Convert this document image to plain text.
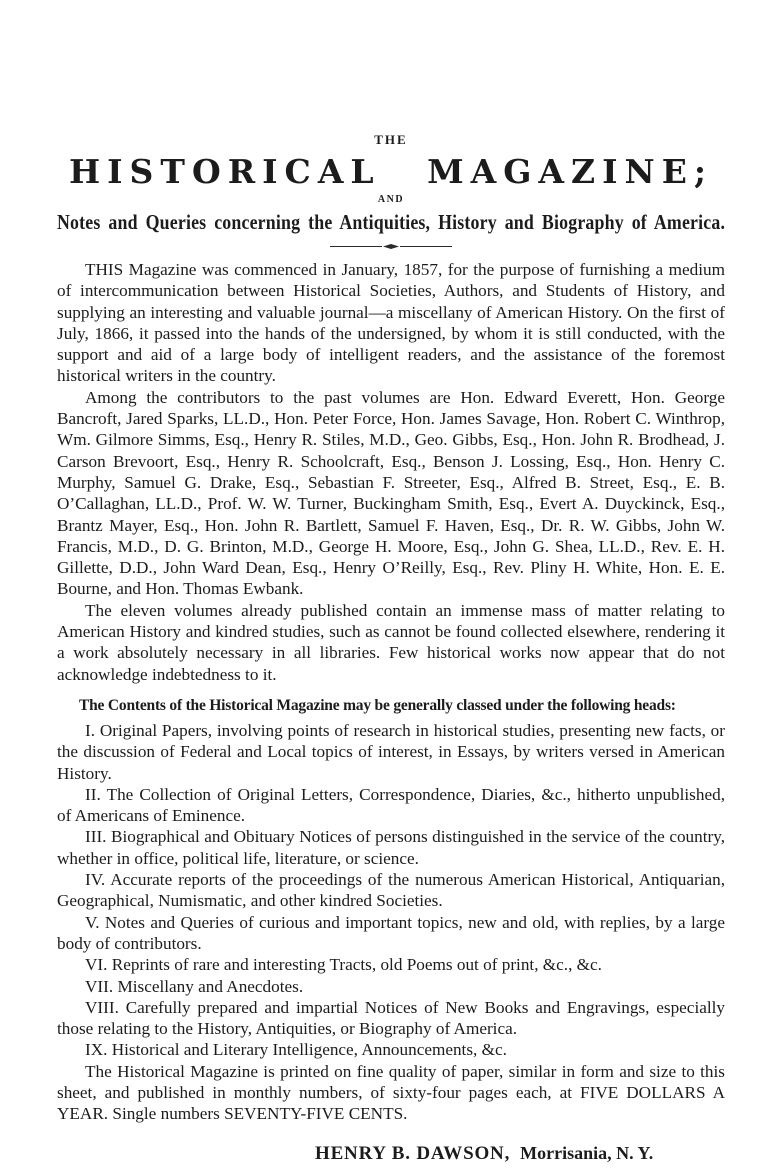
THE
HISTORICAL MAGAZINE;
AND
Notes and Queries concerning the Antiquities, History and Biography of America.

THIS Magazine was commenced in January, 1857, for the purpose of furnishing a medium of intercommunication between Historical Societies, Authors, and Students of History, and supplying an interesting and valuable journal—a miscellany of American History. On the first of July, 1866, it passed into the hands of the undersigned, by whom it is still conducted, with the support and aid of a large body of intelligent readers, and the assistance of the foremost historical writers in the country.

Among the contributors to the past volumes are Hon. Edward Everett, Hon. George Bancroft, Jared Sparks, LL.D., Hon. Peter Force, Hon. James Savage, Hon. Robert C. Winthrop, Wm. Gilmore Simms, Esq., Henry R. Stiles, M.D., Geo. Gibbs, Esq., Hon. John R. Brodhead, J. Carson Brevoort, Esq., Henry R. Schoolcraft, Esq., Benson J. Lossing, Esq., Hon. Henry C. Murphy, Samuel G. Drake, Esq., Sebastian F. Streeter, Esq., Alfred B. Street, Esq., E. B. O’Callaghan, LL.D., Prof. W. W. Turner, Buckingham Smith, Esq., Evert A. Duyckinck, Esq., Brantz Mayer, Esq., Hon. John R. Bartlett, Samuel F. Haven, Esq., Dr. R. W. Gibbs, John W. Francis, M.D., D. G. Brinton, M.D., George H. Moore, Esq., John G. Shea, LL.D., Rev. E. H. Gillette, D.D., John Ward Dean, Esq., Henry O’Reilly, Esq., Rev. Pliny H. White, Hon. E. E. Bourne, and Hon. Thomas Ewbank.

The eleven volumes already published contain an immense mass of matter relating to American History and kindred studies, such as cannot be found collected elsewhere, rendering it a work absolutely necessary in all libraries. Few historical works now appear that do not acknowledge indebtedness to it.

The Contents of the Historical Magazine may be generally classed under the following heads:

I. Original Papers, involving points of research in historical studies, presenting new facts, or the discussion of Federal and Local topics of interest, in Essays, by writers versed in American History.

II. The Collection of Original Letters, Correspondence, Diaries, &c., hitherto unpublished, of Americans of Eminence.

III. Biographical and Obituary Notices of persons distinguished in the service of the country, whether in office, political life, literature, or science.

IV. Accurate reports of the proceedings of the numerous American Historical, Antiquarian, Geographical, Numismatic, and other kindred Societies.

V. Notes and Queries of curious and important topics, new and old, with replies, by a large body of contributors.

VI. Reprints of rare and interesting Tracts, old Poems out of print, &c., &c.

VII. Miscellany and Anecdotes.

VIII. Carefully prepared and impartial Notices of New Books and Engravings, especially those relating to the History, Antiquities, or Biography of America.

IX. Historical and Literary Intelligence, Announcements, &c.

The Historical Magazine is printed on fine quality of paper, similar in form and size to this sheet, and published in monthly numbers, of sixty-four pages each, at FIVE DOLLARS A YEAR. Single numbers SEVENTY-FIVE CENTS.

HENRY B. DAWSON, Morrisania, N. Y.
